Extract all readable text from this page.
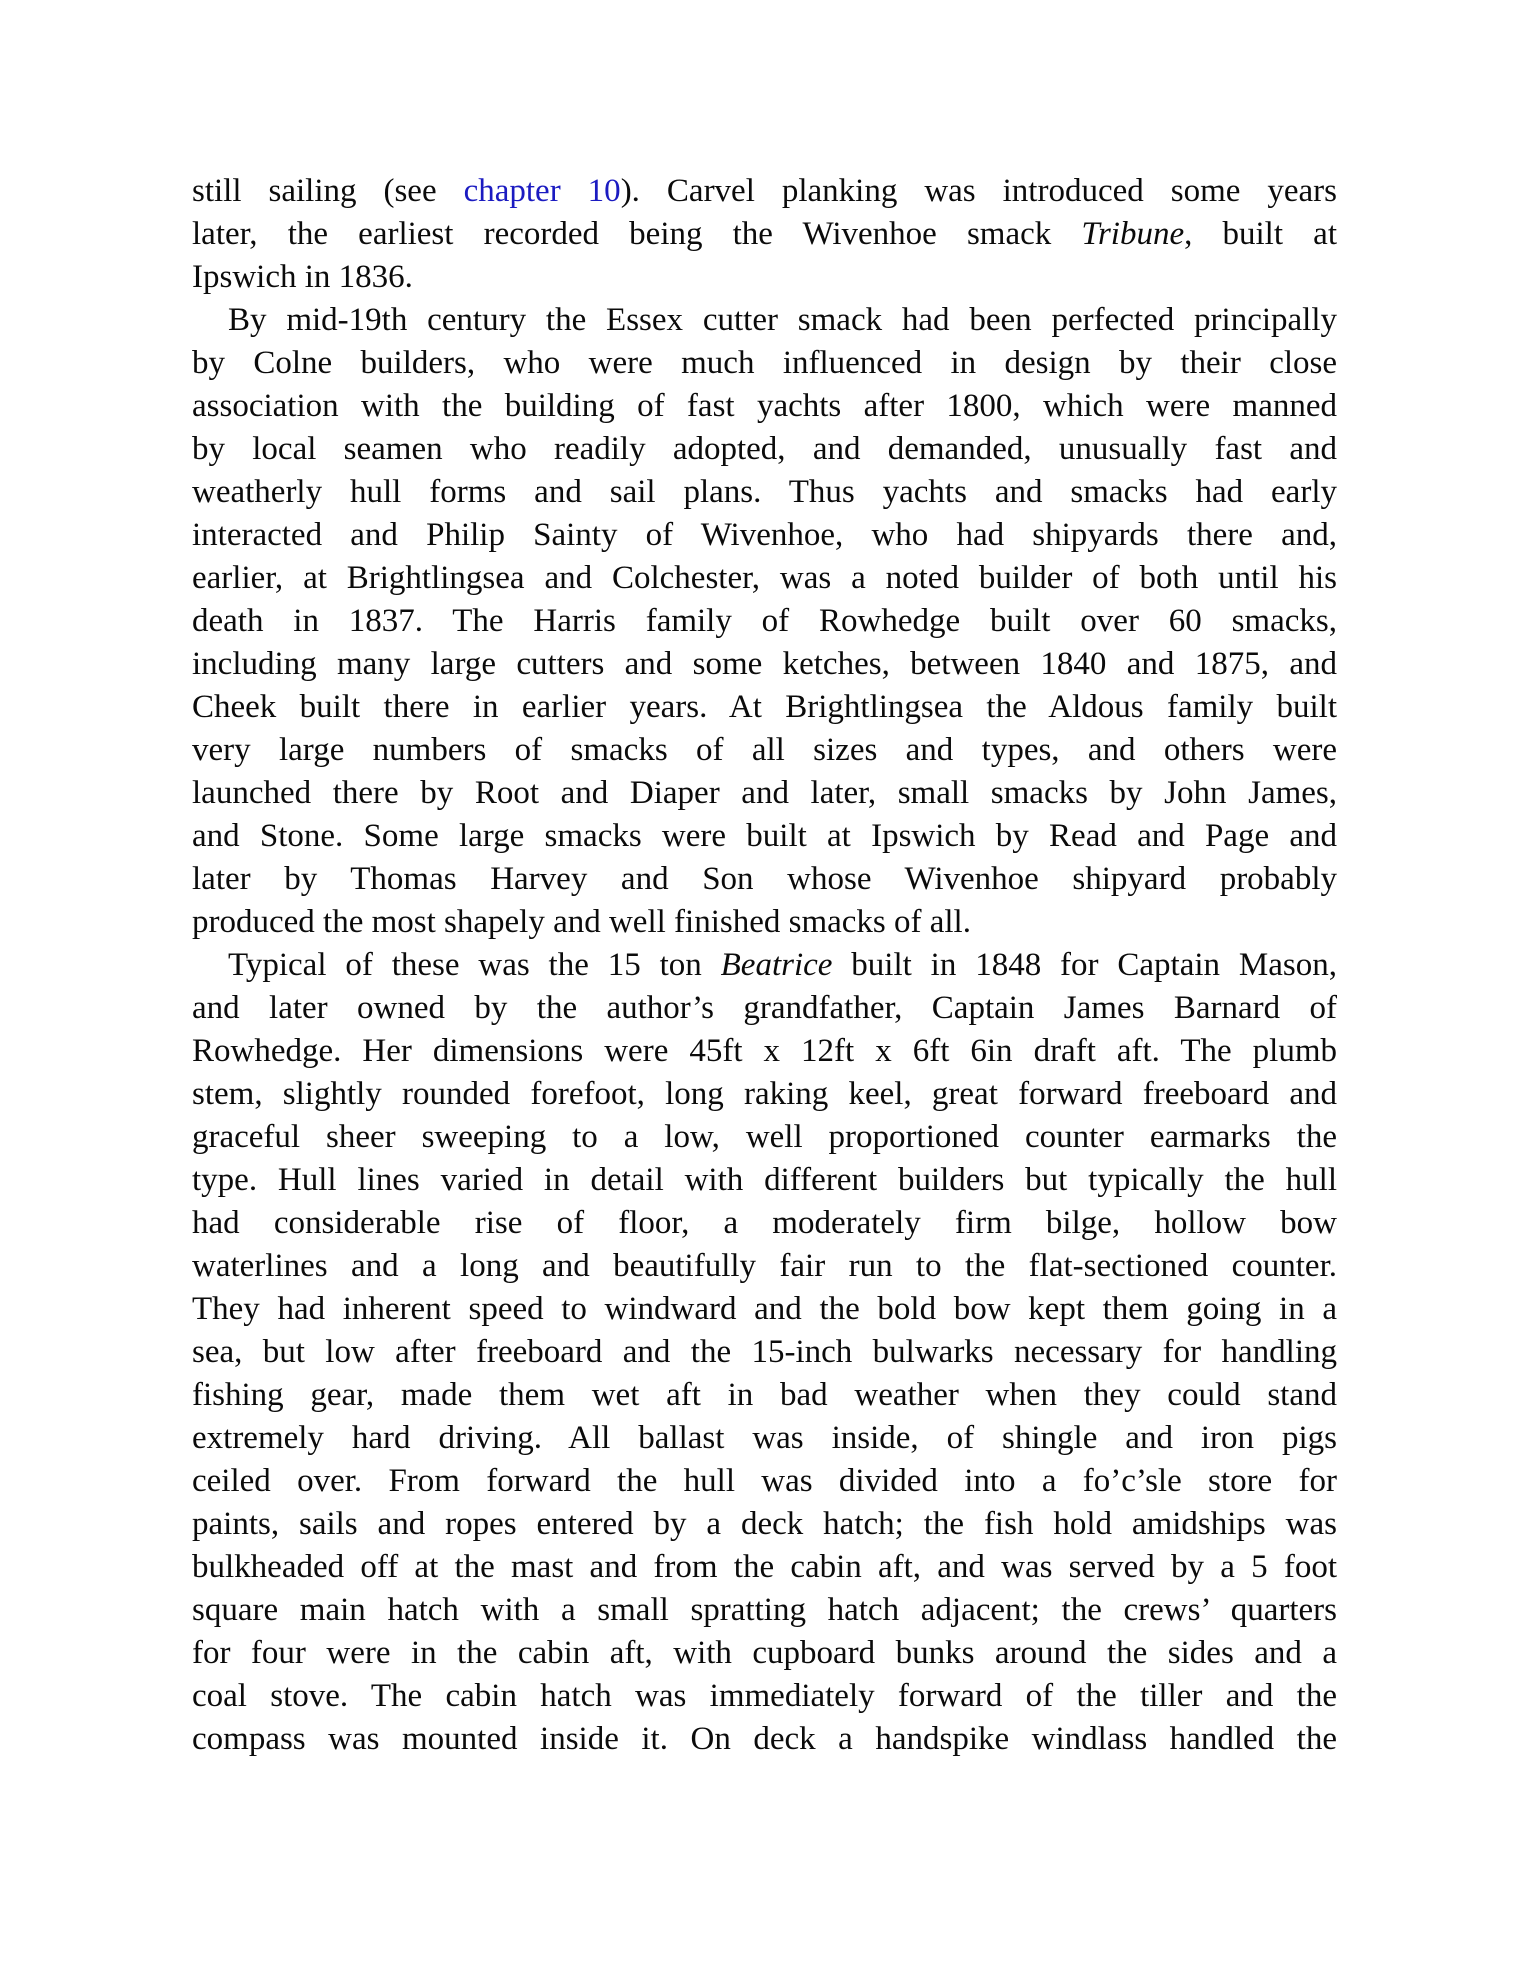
still sailing (see chapter 10). Carvel planking was introduced some years
later, the earliest recorded being the Wivenhoe smack Tribune, built at
Ipswich in 1836.
By mid-19th century the Essex cutter smack had been perfected principally
by Colne builders, who were much influenced in design by their close
association with the building of fast yachts after 1800, which were manned
by local seamen who readily adopted, and demanded, unusually fast and
weatherly hull forms and sail plans. Thus yachts and smacks had early
interacted and Philip Sainty of Wivenhoe, who had shipyards there and,
earlier, at Brightlingsea and Colchester, was a noted builder of both until his
death in 1837. The Harris family of Rowhedge built over 60 smacks,
including many large cutters and some ketches, between 1840 and 1875, and
Cheek built there in earlier years. At Brightlingsea the Aldous family built
very large numbers of smacks of all sizes and types, and others were
launched there by Root and Diaper and later, small smacks by John James,
and Stone. Some large smacks were built at Ipswich by Read and Page and
later by Thomas Harvey and Son whose Wivenhoe shipyard probably
produced the most shapely and well finished smacks of all.
Typical of these was the 15 ton Beatrice built in 1848 for Captain Mason,
and later owned by the author’s grandfather, Captain James Barnard of
Rowhedge. Her dimensions were 45ft x 12ft x 6ft 6in draft aft. The plumb
stem, slightly rounded forefoot, long raking keel, great forward freeboard and
graceful sheer sweeping to a low, well proportioned counter earmarks the
type. Hull lines varied in detail with different builders but typically the hull
had considerable rise of floor, a moderately firm bilge, hollow bow
waterlines and a long and beautifully fair run to the flat-sectioned counter.
They had inherent speed to windward and the bold bow kept them going in a
sea, but low after freeboard and the 15-inch bulwarks necessary for handling
fishing gear, made them wet aft in bad weather when they could stand
extremely hard driving. All ballast was inside, of shingle and iron pigs
ceiled over. From forward the hull was divided into a fo’c’sle store for
paints, sails and ropes entered by a deck hatch; the fish hold amidships was
bulkheaded off at the mast and from the cabin aft, and was served by a 5 foot
square main hatch with a small spratting hatch adjacent; the crews’ quarters
for four were in the cabin aft, with cupboard bunks around the sides and a
coal stove. The cabin hatch was immediately forward of the tiller and the
compass was mounted inside it. On deck a handspike windlass handled the
